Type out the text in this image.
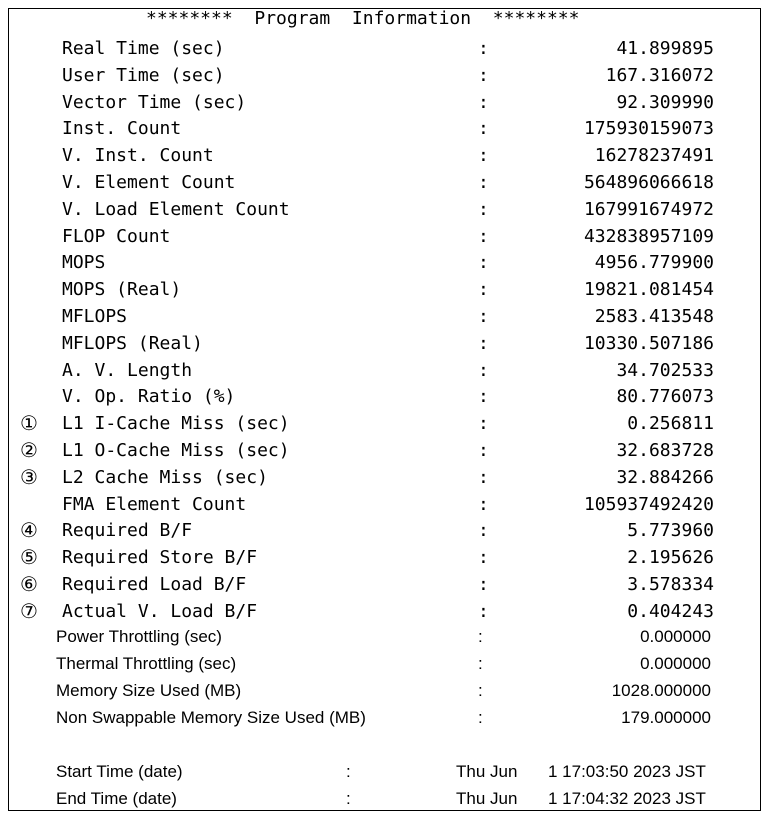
********  Program  Information  ********
Real Time (sec)	:	41.899895
User Time (sec)	:	167.316072
Vector Time (sec)	:	92.309990
Inst. Count	:	175930159073
V. Inst. Count	:	16278237491
V. Element Count	:	564896066618
V. Load Element Count	:	167991674972
FLOP Count	:	432838957109
MOPS	:	4956.779900
MOPS (Real)	:	19821.081454
MFLOPS	:	2583.413548
MFLOPS (Real)	:	10330.507186
A. V. Length	:	34.702533
V. Op. Ratio (%)	:	80.776073
① L1 I-Cache Miss (sec)	:	0.256811
② L1 O-Cache Miss (sec)	:	32.683728
③ L2 Cache Miss (sec)	:	32.884266
FMA Element Count	:	105937492420
④ Required B/F	:	5.773960
⑤ Required Store B/F	:	2.195626
⑥ Required Load B/F	:	3.578334
⑦ Actual V. Load B/F	:	0.404243
Power Throttling (sec)	:	0.000000
Thermal Throttling (sec)	:	0.000000
Memory Size Used (MB)	:	1028.000000
Non Swappable Memory Size Used (MB)	:	179.000000
Start Time (date)	:	Thu Jun 1 17:03:50 2023 JST
End Time (date)	:	Thu Jun 1 17:04:32 2023 JST
